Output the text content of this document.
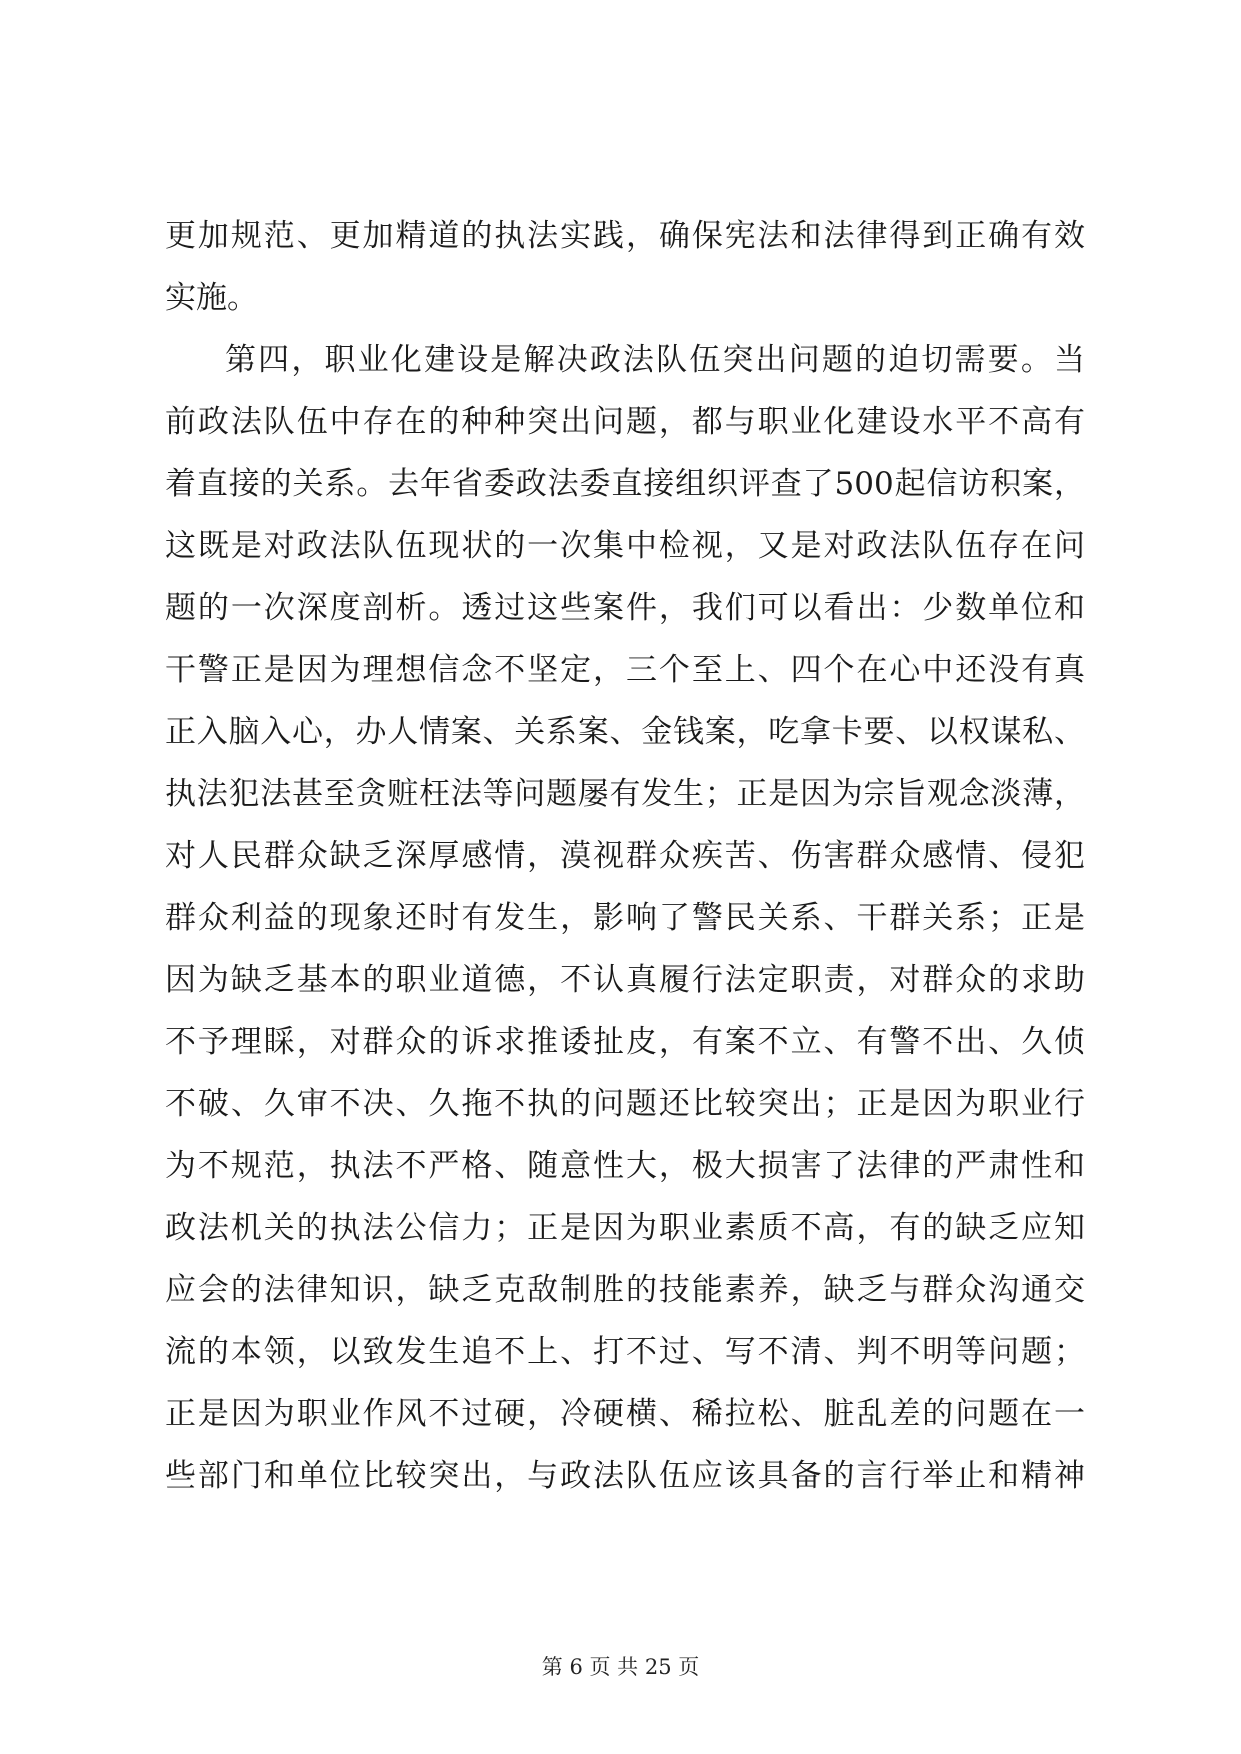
更加规范、更加精道的执法实践，确保宪法和法律得到正确有效
实施。
第四，职业化建设是解决政法队伍突出问题的迫切需要。当
前政法队伍中存在的种种突出问题，都与职业化建设水平不高有
着直接的关系。去年省委政法委直接组织评查了500起信访积案，
这既是对政法队伍现状的一次集中检视，又是对政法队伍存在问
题的一次深度剖析。透过这些案件，我们可以看出：少数单位和
干警正是因为理想信念不坚定，三个至上、四个在心中还没有真
正入脑入心，办人情案、关系案、金钱案，吃拿卡要、以权谋私、
执法犯法甚至贪赃枉法等问题屡有发生；正是因为宗旨观念淡薄，
对人民群众缺乏深厚感情，漠视群众疾苦、伤害群众感情、侵犯
群众利益的现象还时有发生，影响了警民关系、干群关系；正是
因为缺乏基本的职业道德，不认真履行法定职责，对群众的求助
不予理睬，对群众的诉求推诿扯皮，有案不立、有警不出、久侦
不破、久审不决、久拖不执的问题还比较突出；正是因为职业行
为不规范，执法不严格、随意性大，极大损害了法律的严肃性和
政法机关的执法公信力；正是因为职业素质不高，有的缺乏应知
应会的法律知识，缺乏克敌制胜的技能素养，缺乏与群众沟通交
流的本领，以致发生追不上、打不过、写不清、判不明等问题；
正是因为职业作风不过硬，冷硬横、稀拉松、脏乱差的问题在一
些部门和单位比较突出，与政法队伍应该具备的言行举止和精神
第 6 页 共 25 页
